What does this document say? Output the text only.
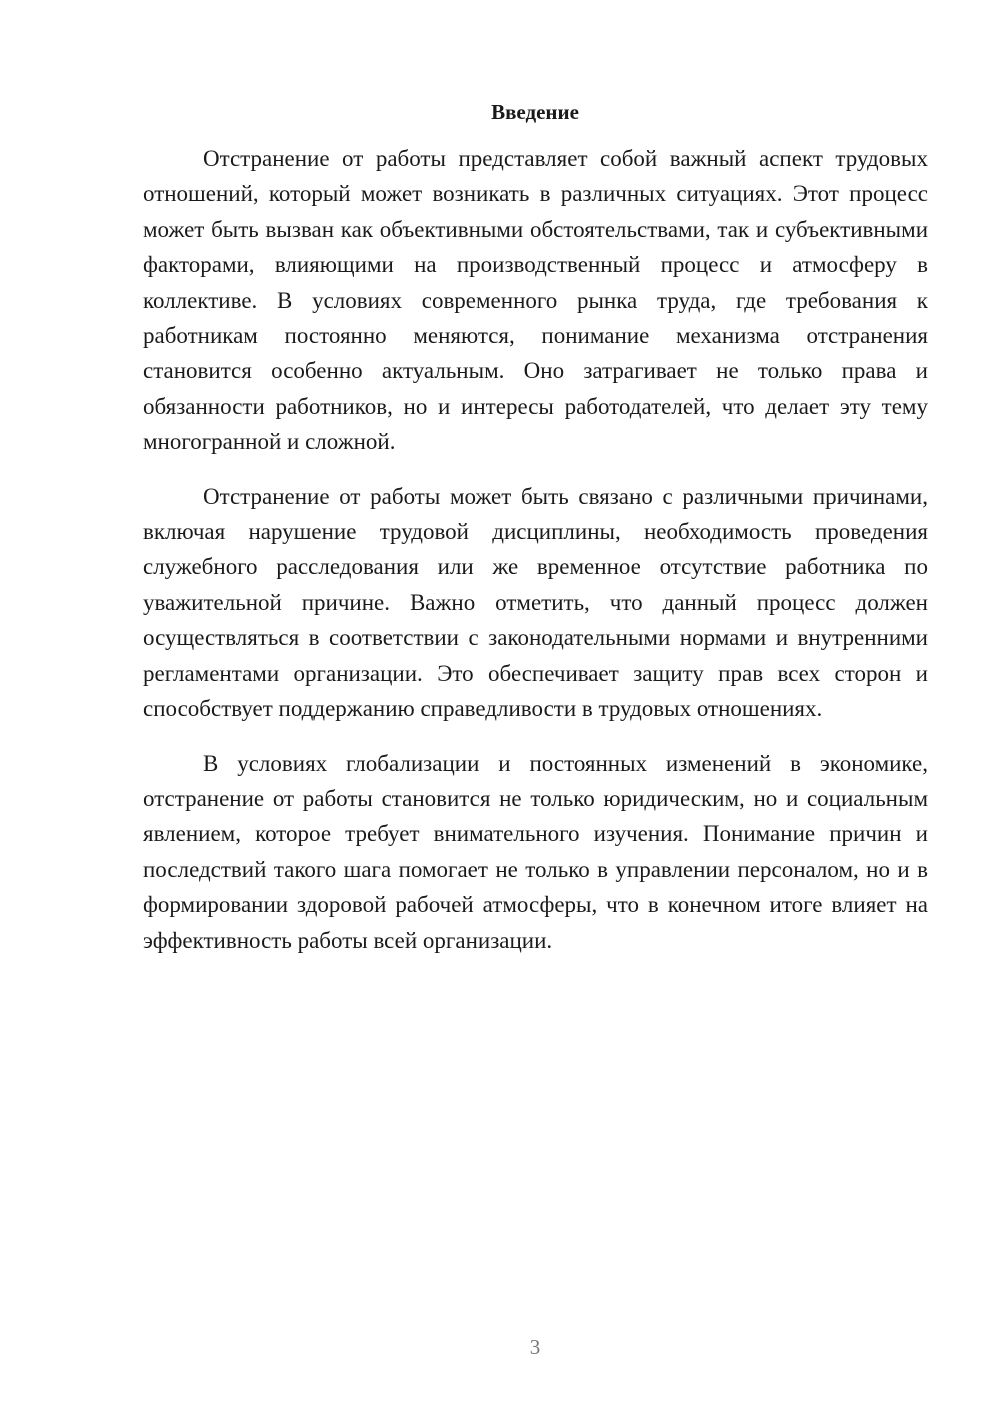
Введение

Отстранение от работы представляет собой важный аспект трудовых отношений, который может возникать в различных ситуациях. Этот процесс может быть вызван как объективными обстоятельствами, так и субъективными факторами, влияющими на производственный процесс и атмосферу в коллективе. В условиях современного рынка труда, где требования к работникам постоянно меняются, понимание механизма отстранения становится особенно актуальным. Оно затрагивает не только права и обязанности работников, но и интересы работодателей, что делает эту тему многогранной и сложной.

Отстранение от работы может быть связано с различными причинами, включая нарушение трудовой дисциплины, необходимость проведения служебного расследования или же временное отсутствие работника по уважительной причине. Важно отметить, что данный процесс должен осуществляться в соответствии с законодательными нормами и внутренними регламентами организации. Это обеспечивает защиту прав всех сторон и способствует поддержанию справедливости в трудовых отношениях.

В условиях глобализации и постоянных изменений в экономике, отстранение от работы становится не только юридическим, но и социальным явлением, которое требует внимательного изучения. Понимание причин и последствий такого шага помогает не только в управлении персоналом, но и в формировании здоровой рабочей атмосферы, что в конечном итоге влияет на эффективность работы всей организации.

3
